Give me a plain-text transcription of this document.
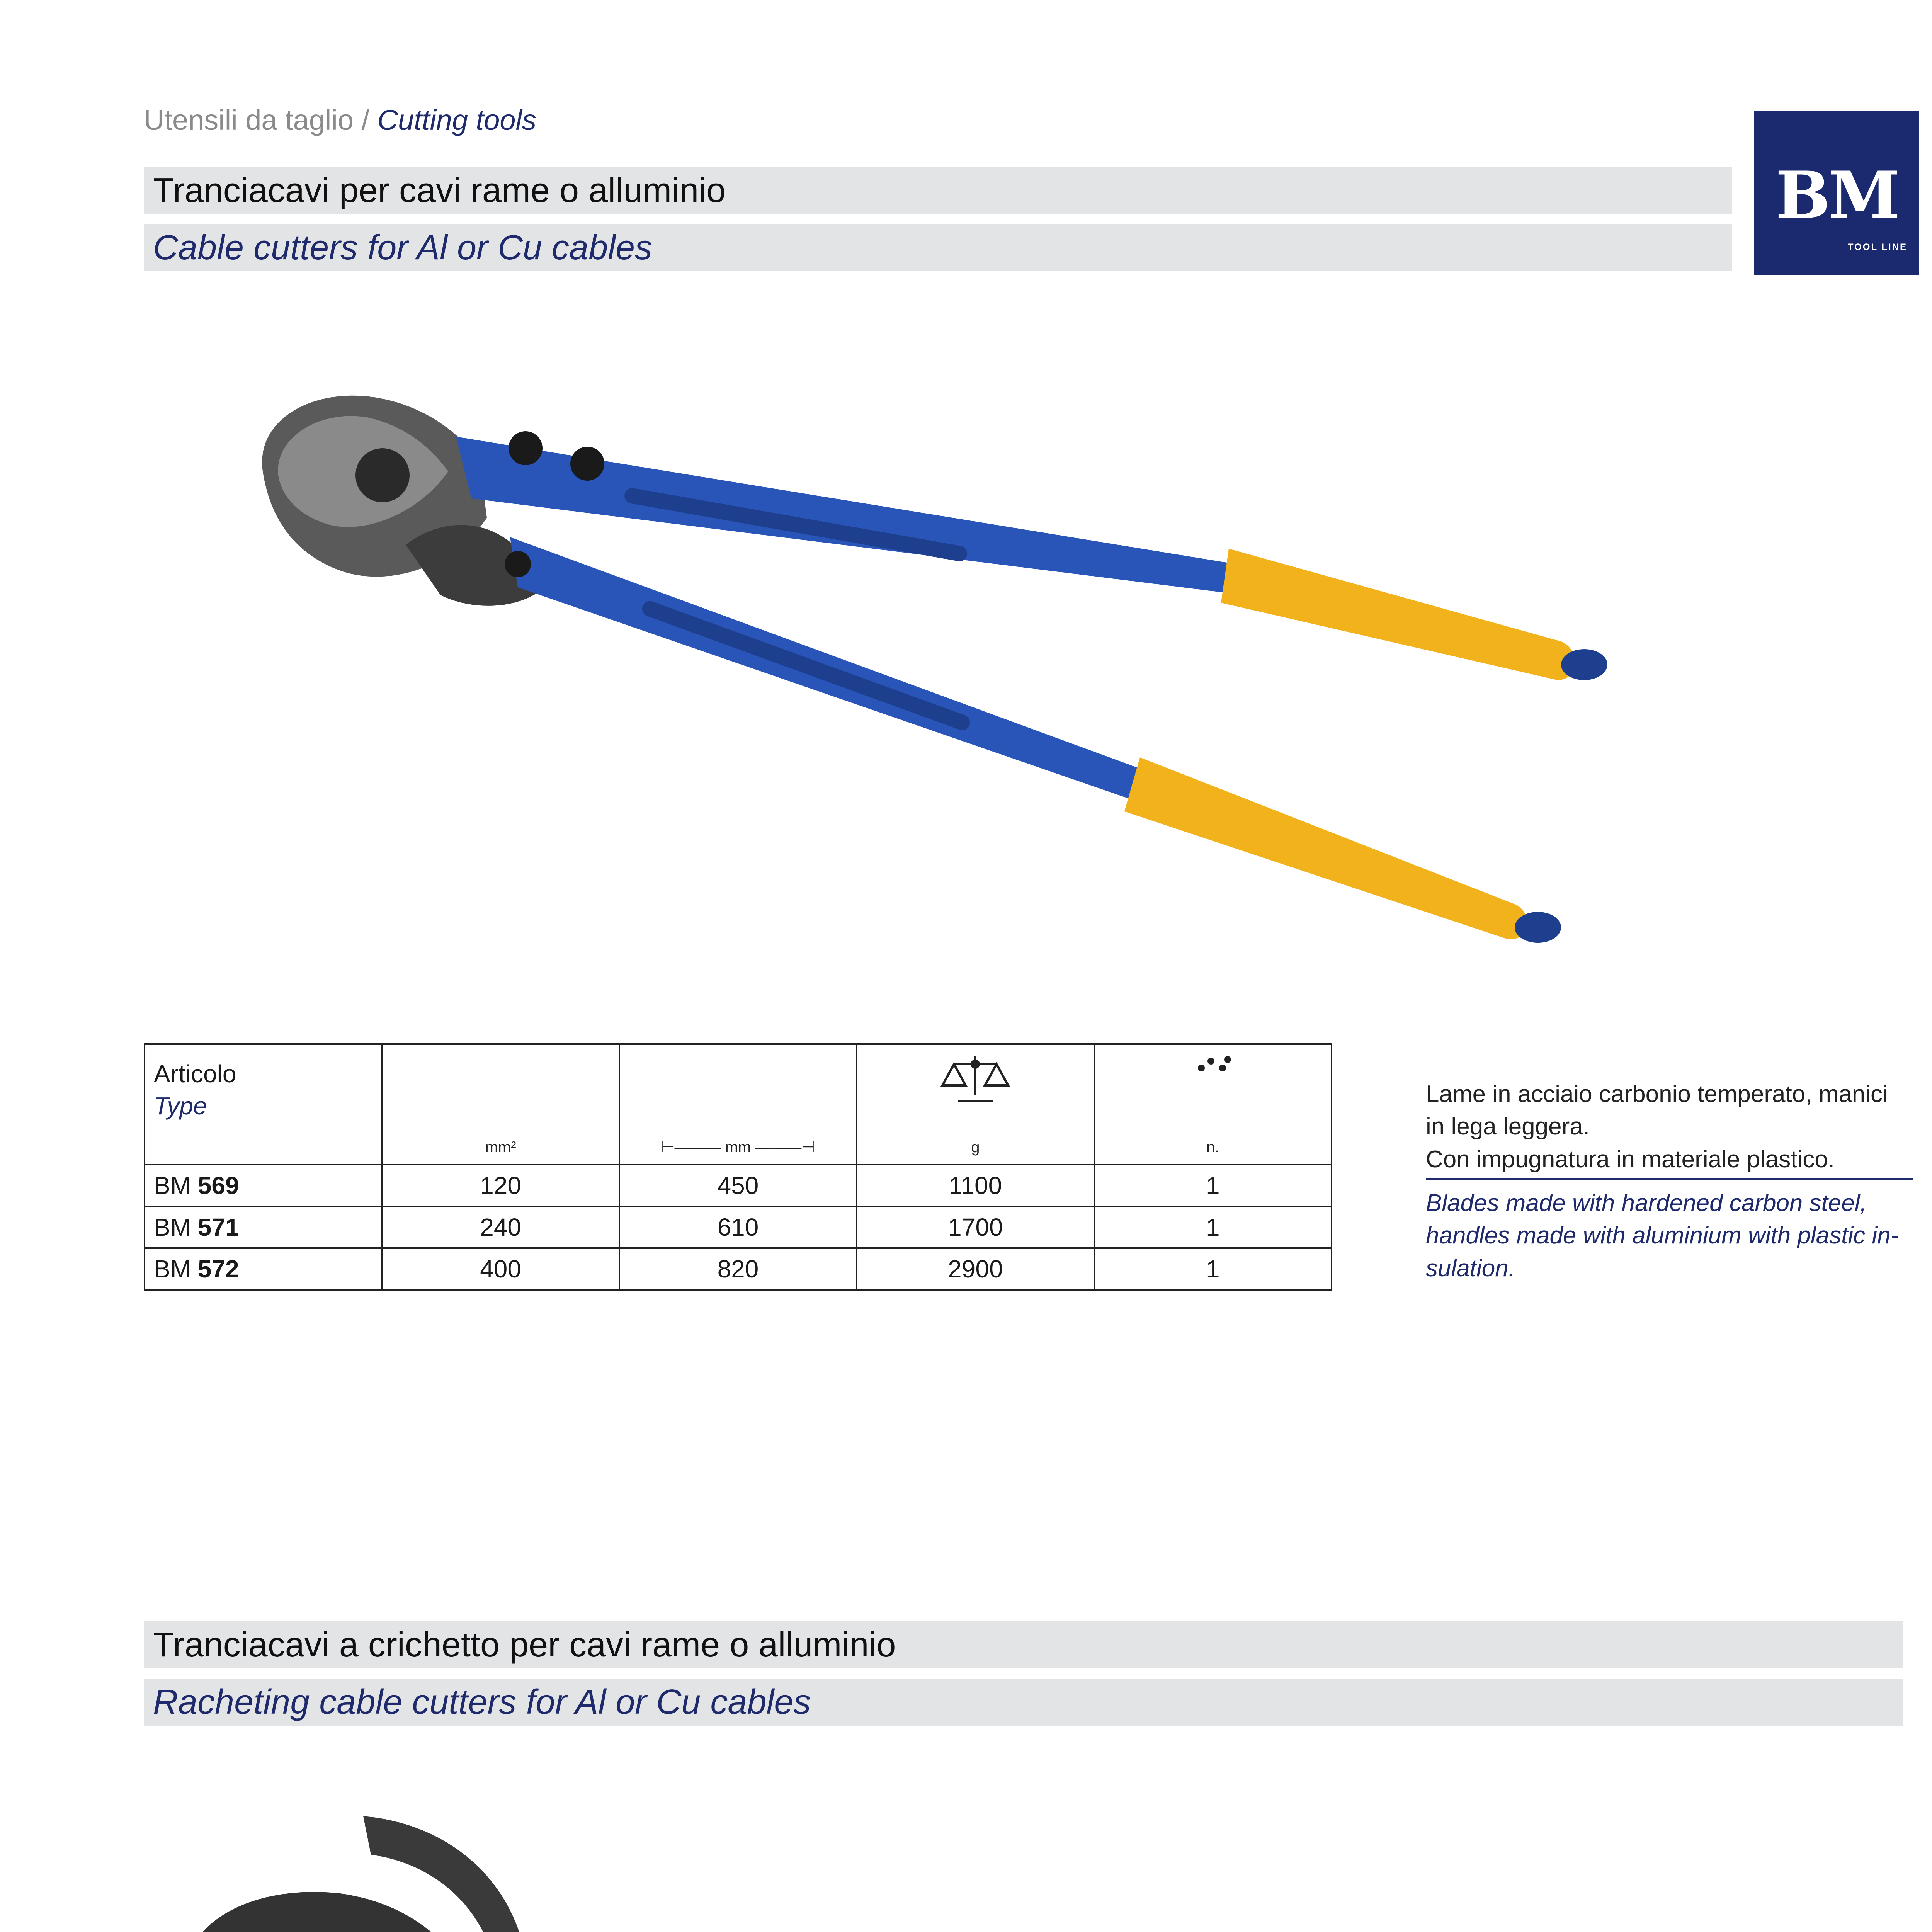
Utensili da taglio / Cutting tools
Tranciacavi per cavi rame o alluminio
Cable cutters for Al or Cu cables
BM
TOOL LINE
Articolo
Type	mm²	⊢——— mm ———⊣	g	n.

BM 569	120	450	1100	1
BM 571	240	610	1700	1
BM 572	400	820	2900	1

Lame in acciaio carbonio temperato, manici

in lega leggera.

Con impugnatura in materiale plastico.

Blades made with hardened carbon steel,

handles made with aluminium with plastic in-

sulation.

Tranciacavi a crichetto per cavi rame o alluminio
Racheting cable cutters for Al or Cu cables
